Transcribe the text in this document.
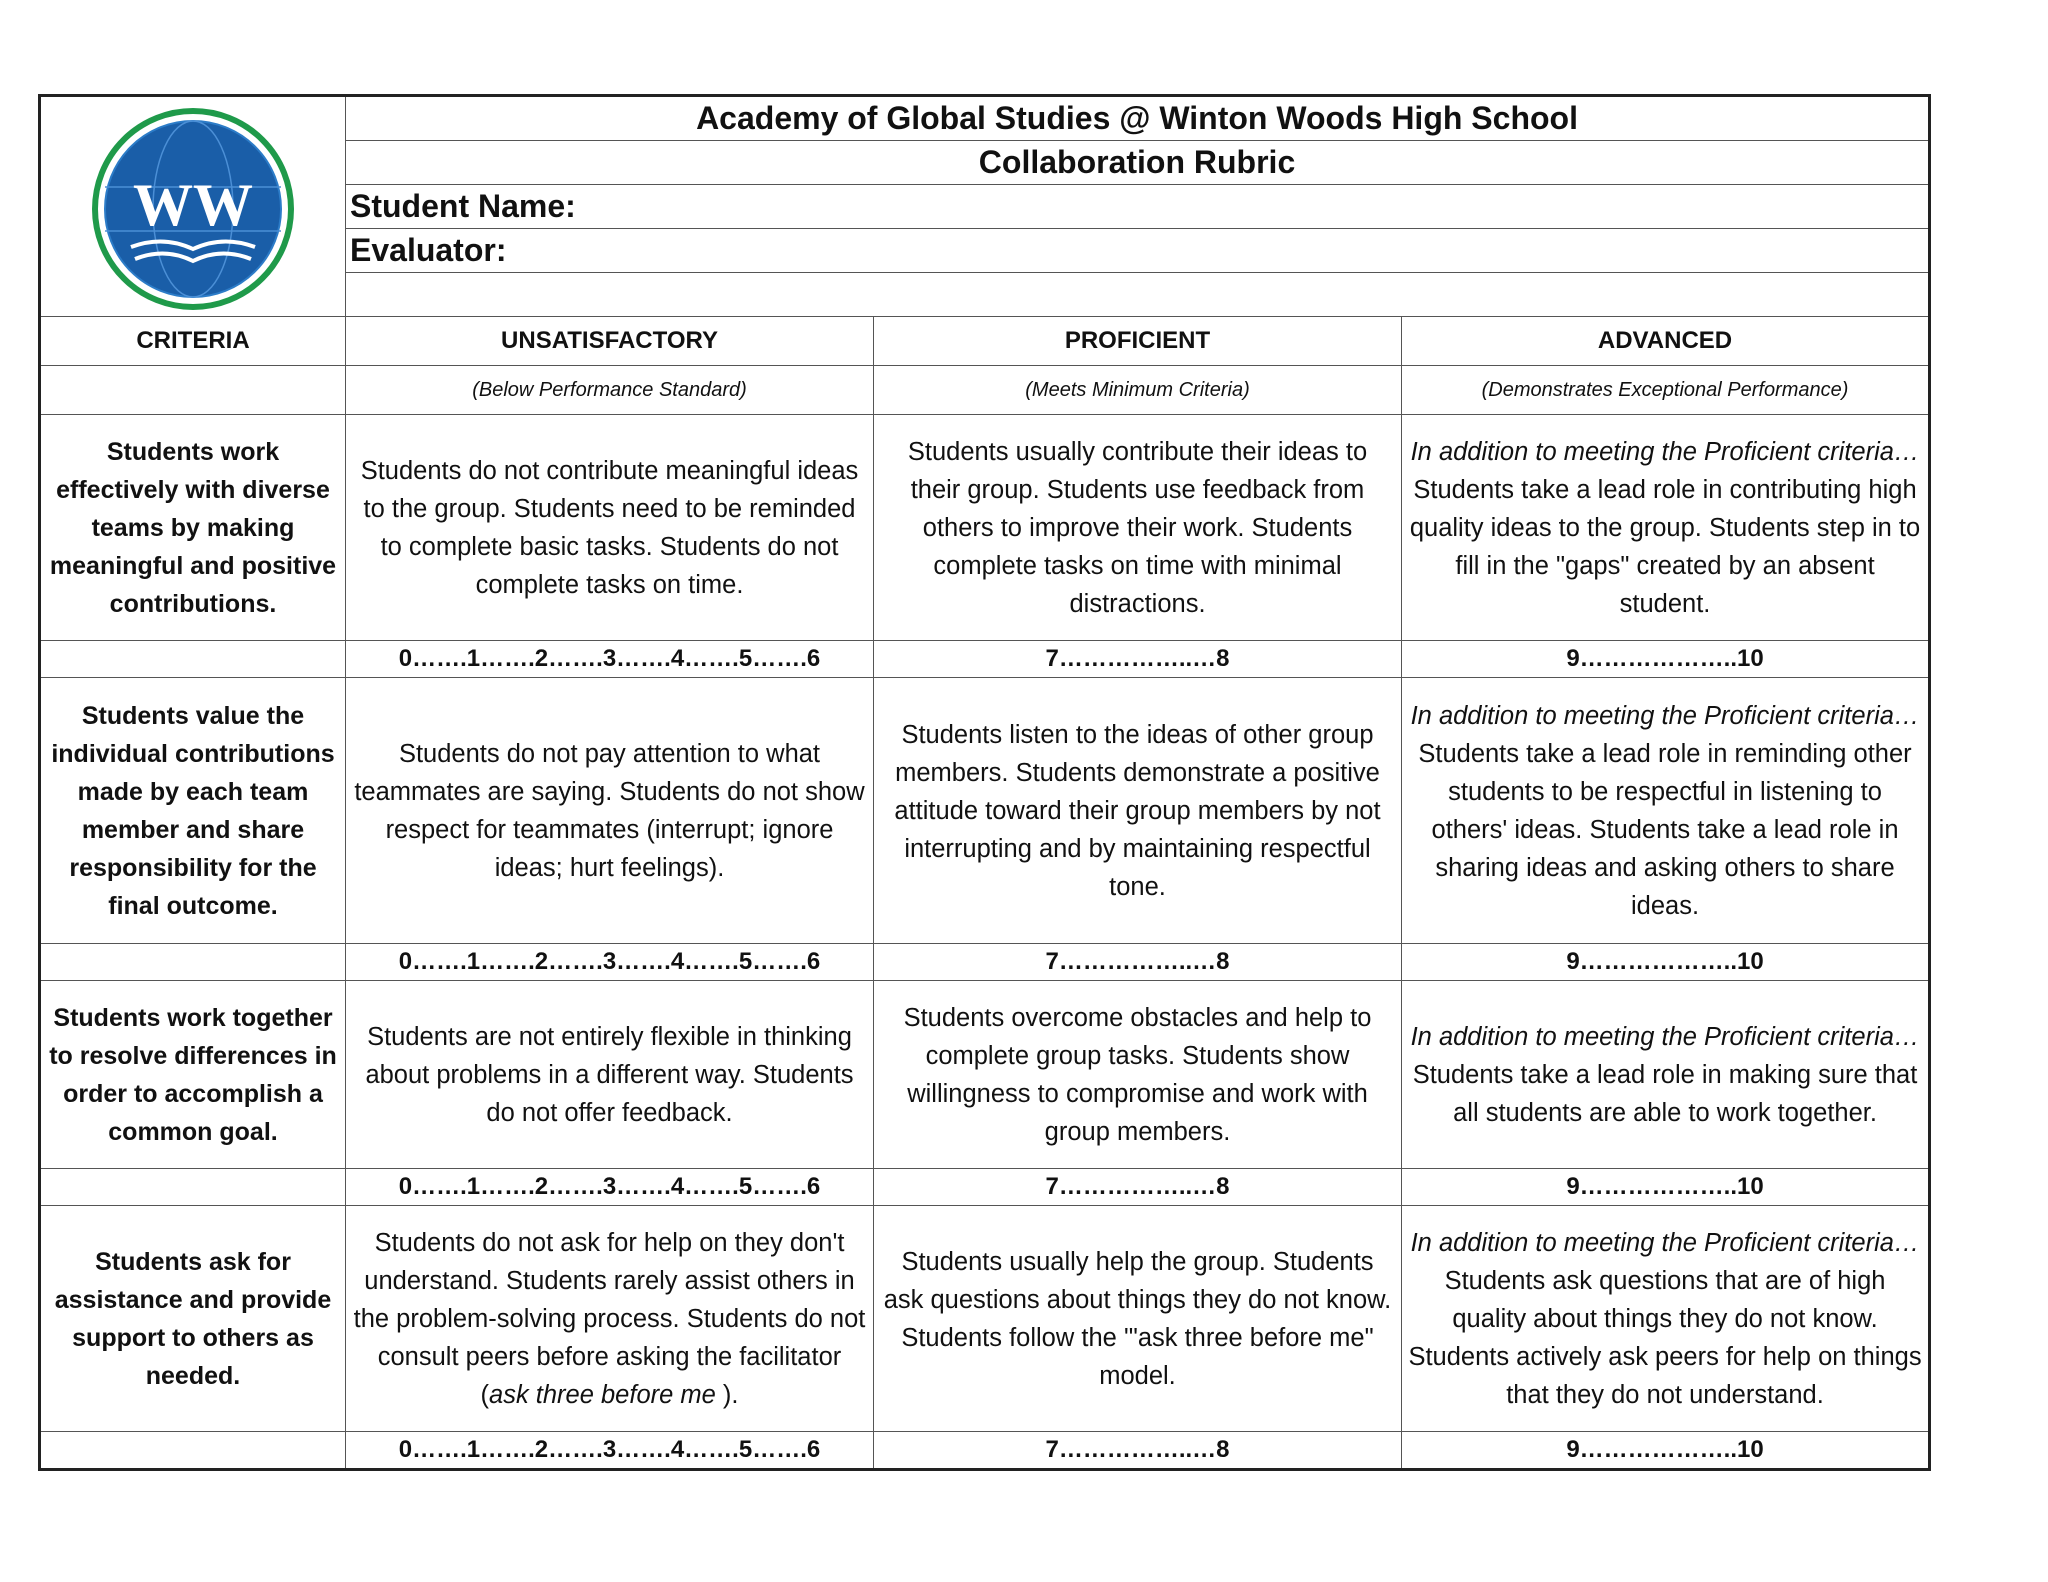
WW	Academy of Global Studies @ Winton Woods High School		
	Collaboration Rubric		
	Student Name:		
	Evaluator:		

CRITERIA	UNSATISFACTORY	PROFICIENT	ADVANCED
	(Below Performance Standard)	(Meets Minimum Criteria)	(Demonstrates Exceptional Performance)
Students work effectively with diverse teams by making meaningful and positive contributions.	Students do not contribute meaningful ideas to the group. Students need to be reminded to complete basic tasks. Students do not complete tasks on time.	Students usually contribute their ideas to their group. Students use feedback from others to improve their work. Students complete tasks on time with minimal distractions.	In addition to meeting the Proficient criteria… Students take a lead role in contributing high quality ideas to the group. Students step in to fill in the "gaps" created by an absent student.
	0…….1…….2…….3…….4…….5…….6	7……………..…8	9………………..10
Students value the individual contributions made by each team member and share responsibility for the final outcome.	Students do not pay attention to what teammates are saying. Students do not show respect for teammates (interrupt; ignore ideas; hurt feelings).	Students listen to the ideas of other group members. Students demonstrate a positive attitude toward their group members by not interrupting and by maintaining respectful tone.	In addition to meeting the Proficient criteria… Students take a lead role in reminding other students to be respectful in listening to others' ideas. Students take a lead role in sharing ideas and asking others to share ideas.
	0…….1…….2…….3…….4…….5…….6	7……………..…8	9………………..10
Students work together to resolve differences in order to accomplish a common goal.	Students are not entirely flexible in thinking about problems in a different way. Students do not offer feedback.	Students overcome obstacles and help to complete group tasks. Students show willingness to compromise and work with group members.	In addition to meeting the Proficient criteria… Students take a lead role in making sure that all students are able to work together.
	0…….1…….2…….3…….4…….5…….6	7……………..…8	9………………..10
Students ask for assistance and provide support to others as needed.	Students do not ask for help on they don't understand. Students rarely assist others in the problem-solving process. Students do not consult peers before asking the facilitator (ask three before me ).	Students usually help the group. Students ask questions about things they do not know. Students follow the '"ask three before me" model.	In addition to meeting the Proficient criteria… Students ask questions that are of high quality about things they do not know. Students actively ask peers for help on things that they do not understand.
	0…….1…….2…….3…….4…….5…….6	7……………..…8	9………………..10
